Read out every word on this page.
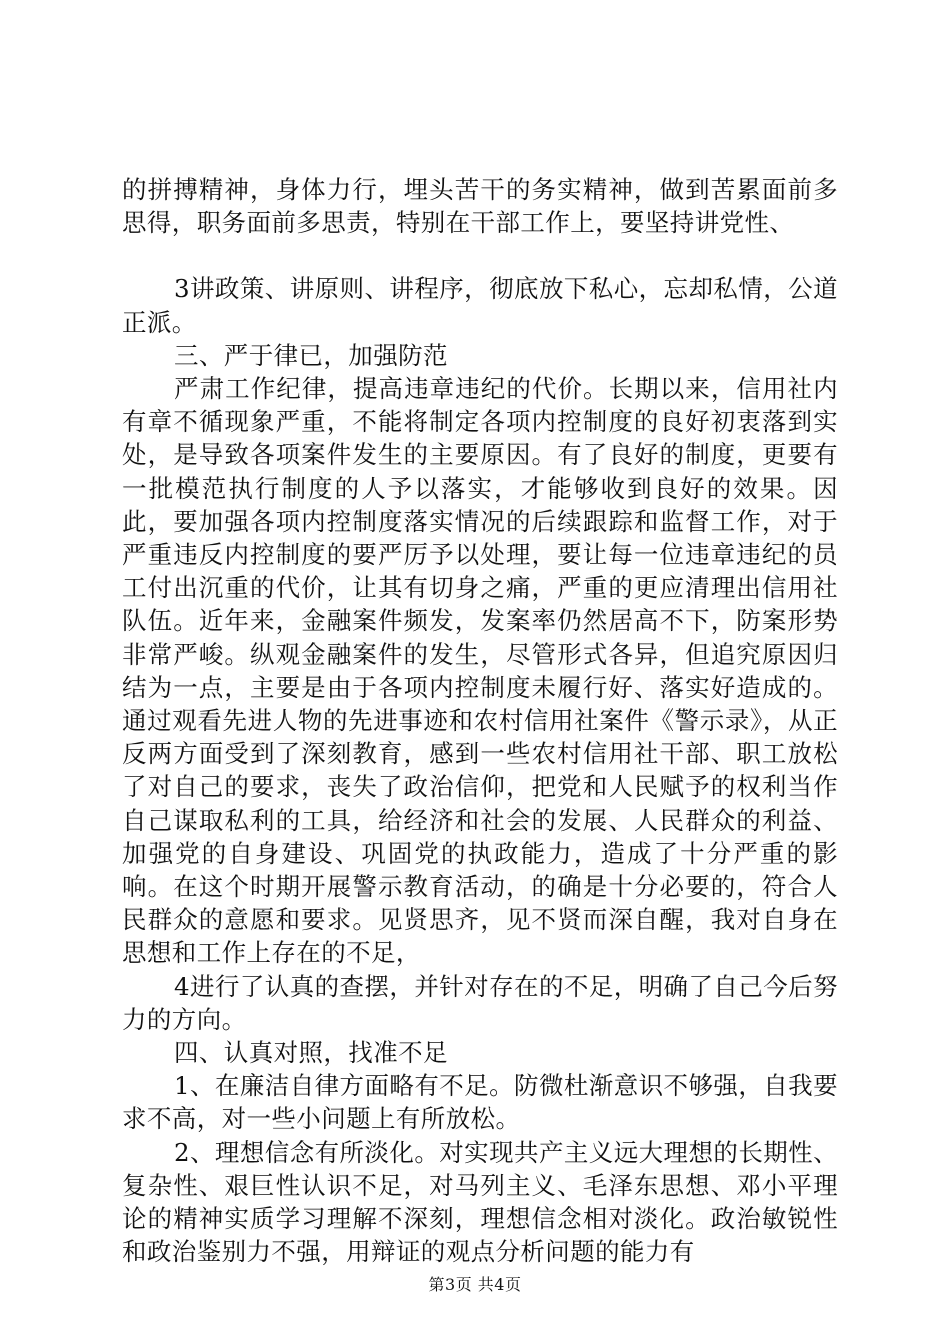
的拼搏精神，身体力行，埋头苦干的务实精神，做到苦累面前多思得，职务面前多思责，特别在干部工作上，要坚持讲党性、

3讲政策、讲原则、讲程序，彻底放下私心，忘却私情，公道正派。

三、严于律已，加强防范

严肃工作纪律，提高违章违纪的代价。长期以来，信用社内有章不循现象严重，不能将制定各项内控制度的良好初衷落到实处，是导致各项案件发生的主要原因。有了良好的制度，更要有一批模范执行制度的人予以落实，才能够收到良好的效果。因此，要加强各项内控制度落实情况的后续跟踪和监督工作，对于严重违反内控制度的要严厉予以处理，要让每一位违章违纪的员工付出沉重的代价，让其有切身之痛，严重的更应清理出信用社队伍。近年来，金融案件频发，发案率仍然居高不下，防案形势非常严峻。纵观金融案件的发生，尽管形式各异，但追究原因归结为一点，主要是由于各项内控制度未履行好、落实好造成的。通过观看先进人物的先进事迹和农村信用社案件《警示录》，从正反两方面受到了深刻教育，感到一些农村信用社干部、职工放松了对自己的要求，丧失了政治信仰，把党和人民赋予的权利当作自己谋取私利的工具，给经济和社会的发展、人民群众的利益、加强党的自身建设、巩固党的执政能力，造成了十分严重的影响。在这个时期开展警示教育活动，的确是十分必要的，符合人民群众的意愿和要求。见贤思齐，见不贤而深自醒，我对自身在思想和工作上存在的不足，

4进行了认真的查摆，并针对存在的不足，明确了自己今后努力的方向。

四、认真对照，找准不足

1、在廉洁自律方面略有不足。防微杜渐意识不够强，自我要求不高，对一些小问题上有所放松。

2、理想信念有所淡化。对实现共产主义远大理想的长期性、复杂性、艰巨性认识不足，对马列主义、毛泽东思想、邓小平理论的精神实质学习理解不深刻，理想信念相对淡化。政治敏锐性和政治鉴别力不强，用辩证的观点分析问题的能力有

第3页 共4页
